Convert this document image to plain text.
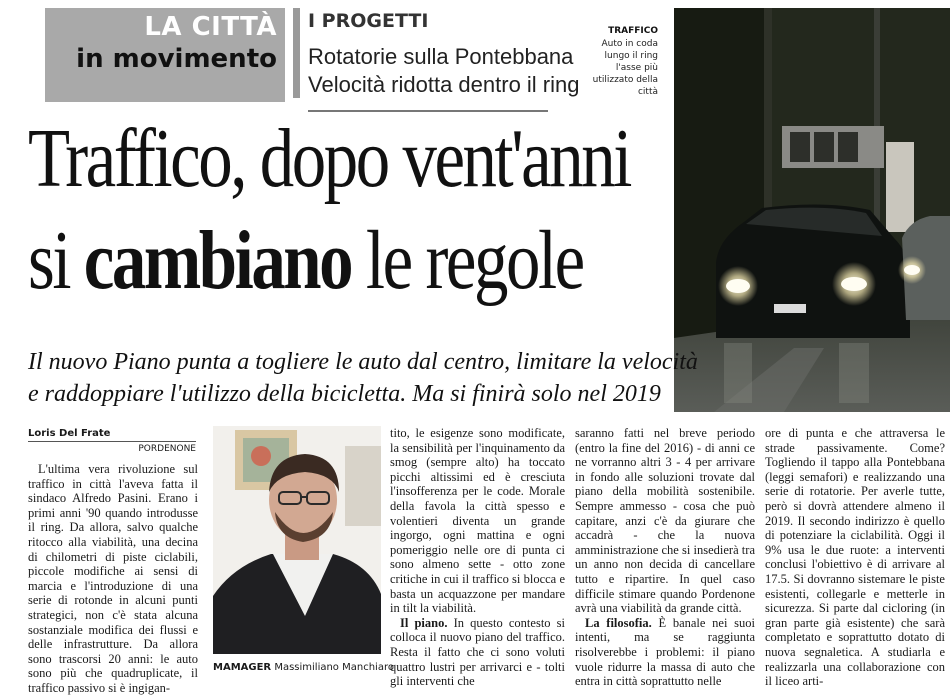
LA CITTÀ
in movimento
I PROGETTI
Rotatorie sulla Pontebbana
Velocità ridotta dentro il ring
TRAFFICO
Auto in coda lungo il ring l'asse più utilizzato della città
Traffico, dopo vent'anni
si cambiano le regole
Il nuovo Piano punta a togliere le auto dal centro, limitare la velocità
e raddoppiare l'utilizzo della bicicletta. Ma si finirà solo nel 2019
Loris Del Frate
PORDENONE

L'ultima vera rivoluzione sul traffico in città l'aveva fatta il sindaco Alfredo Pasini. Erano i primi anni '90 quando introdusse il ring. Da allora, salvo qualche ritocco alla viabilità, una decina di chilometri di piste ciclabili, piccole modifiche ai sensi di marcia e l'introduzione di una serie di rotonde in alcuni punti strategici, non c'è stata alcuna sostanziale modifica dei flussi e delle infrastrutture. Da allora sono trascorsi 20 anni: le auto sono più che quadruplicate, il traffico passivo si è ingigan-

MAMAGER Massimiliano Manchiaro

tito, le esigenze sono modificate, la sensibilità per l'inquinamento da smog (sempre alto) ha toccato picchi altissimi ed è cresciuta l'insofferenza per le code. Morale della favola la città spesso e volentieri diventa un grande ingorgo, ogni mattina e ogni pomeriggio nelle ore di punta ci sono almeno sette - otto zone critiche in cui il traffico si blocca e basta un acquazzone per mandare in tilt la viabilità.

Il piano. In questo contesto si colloca il nuovo piano del traffico. Resta il fatto che ci sono voluti quattro lustri per arrivarci e - tolti gli interventi che

saranno fatti nel breve periodo (entro la fine del 2016) - di anni ce ne vorranno altri 3 - 4 per arrivare in fondo alle soluzioni trovate dal piano della mobilità sostenibile. Sempre ammesso - cosa che può capitare, anzi c'è da giurare che accadrà - che la nuova amministrazione che si insedierà tra un anno non decida di cancellare tutto e ripartire. In quel caso difficile stimare quando Pordenone avrà una viabilità da grande città.

La filosofia. È banale nei suoi intenti, ma se raggiunta risolverebbe i problemi: il piano vuole ridurre la massa di auto che entra in città soprattutto nelle

ore di punta e che attraversa le strade passivamente. Come? Togliendo il tappo alla Pontebbana (leggi semafori) e realizzando una serie di rotatorie. Per averle tutte, però si dovrà attendere almeno il 2019. Il secondo indirizzo è quello di potenziare la ciclabilità. Oggi il 9% usa le due ruote: a interventi conclusi l'obiettivo è di arrivare al 17.5. Si dovranno sistemare le piste esistenti, collegarle e metterle in sicurezza. Si parte dal cicloring (in gran parte già esistente) che sarà completato e soprattutto dotato di nuova segnaletica. A studiarla e realizzarla una collaborazione con il liceo arti-
